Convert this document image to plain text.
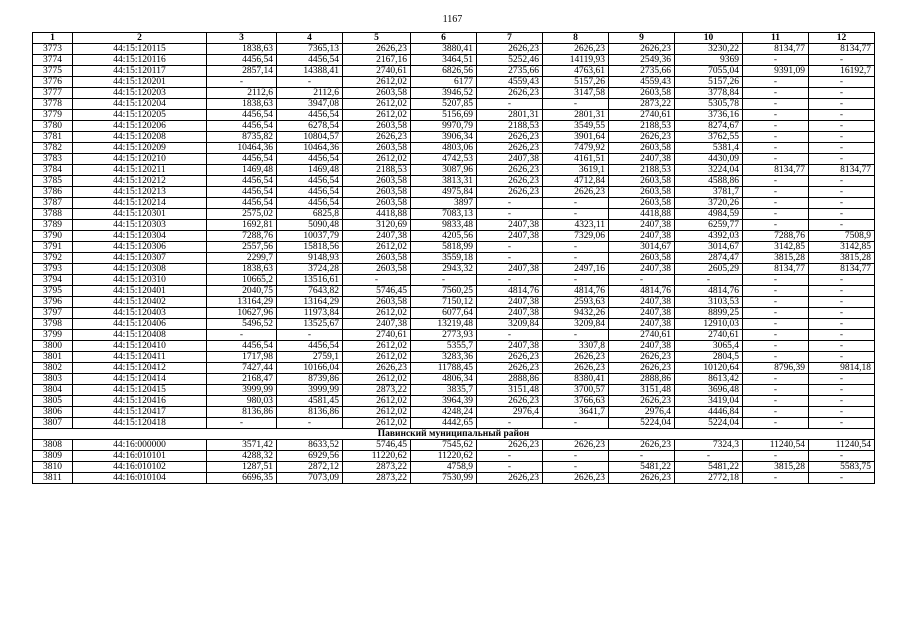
1167
1	2	3	4	5	6	7	8	9	10	11	12
3773	44:15:120115	1838,63	7365,13	2626,23	3880,41	2626,23	2626,23	2626,23	3230,22	8134,77	8134,77
3774	44:15:120116	4456,54	4456,54	2167,16	3464,51	5252,46	14119,93	2549,36	9369	-	-
3775	44:15:120117	2857,14	14388,41	2740,61	6826,56	2735,66	4763,61	2735,66	7055,04	9391,09	16192,7
3776	44:15:120201	-	-	2612,02	6177	4559,43	5157,26	4559,43	5157,26	-	-
3777	44:15:120203	2112,6	2112,6	2603,58	3946,52	2626,23	3147,58	2603,58	3778,84	-	-
3778	44:15:120204	1838,63	3947,08	2612,02	5207,85	-	-	2873,22	5305,78	-	-
3779	44:15:120205	4456,54	4456,54	2612,02	5156,69	2801,31	2801,31	2740,61	3736,16	-	-
3780	44:15:120206	4456,54	6278,54	2603,58	9970,79	2188,53	3549,55	2188,53	8274,67	-	-
3781	44:15:120208	8735,82	10804,57	2626,23	3906,34	2626,23	3901,64	2626,23	3762,55	-	-
3782	44:15:120209	10464,36	10464,36	2603,58	4803,06	2626,23	7479,92	2603,58	5381,4	-	-
3783	44:15:120210	4456,54	4456,54	2612,02	4742,53	2407,38	4161,51	2407,38	4430,09	-	-
3784	44:15:120211	1469,48	1469,48	2188,53	3087,96	2626,23	3619,1	2188,53	3224,04	8134,77	8134,77
3785	44:15:120212	4456,54	4456,54	2603,58	3813,31	2626,23	4712,84	2603,58	4588,86	-	-
3786	44:15:120213	4456,54	4456,54	2603,58	4975,84	2626,23	2626,23	2603,58	3781,7	-	-
3787	44:15:120214	4456,54	4456,54	2603,58	3897	-	-	2603,58	3720,26	-	-
3788	44:15:120301	2575,02	6825,8	4418,88	7083,13	-	-	4418,88	4984,59	-	-
3789	44:15:120303	1692,81	5090,48	3120,69	9833,48	2407,38	4323,11	2407,38	6259,77	-	-
3790	44:15:120304	7288,76	10037,79	2407,38	4205,56	2407,38	7329,06	2407,38	4392,03	7288,76	7508,9
3791	44:15:120306	2557,56	15818,56	2612,02	5818,99	-	-	3014,67	3014,67	3142,85	3142,85
3792	44:15:120307	2299,7	9148,93	2603,58	3559,18	-	-	2603,58	2874,47	3815,28	3815,28
3793	44:15:120308	1838,63	3724,28	2603,58	2943,32	2407,38	2497,16	2407,38	2605,29	8134,77	8134,77
3794	44:15:120310	10665,2	13516,61	-	-	-	-	-	-	-	-
3795	44:15:120401	2040,75	7643,82	5746,45	7560,25	4814,76	4814,76	4814,76	4814,76	-	-
3796	44:15:120402	13164,29	13164,29	2603,58	7150,12	2407,38	2593,63	2407,38	3103,53	-	-
3797	44:15:120403	10627,96	11973,84	2612,02	6077,64	2407,38	9432,26	2407,38	8899,25	-	-
3798	44:15:120406	5496,52	13525,67	2407,38	13219,48	3209,84	3209,84	2407,38	12910,03	-	-
3799	44:15:120408	-	-	2740,61	2773,93	-	-	2740,61	2740,61	-	-
3800	44:15:120410	4456,54	4456,54	2612,02	5355,7	2407,38	3307,8	2407,38	3065,4	-	-
3801	44:15:120411	1717,98	2759,1	2612,02	3283,36	2626,23	2626,23	2626,23	2804,5	-	-
3802	44:15:120412	7427,44	10166,04	2626,23	11788,45	2626,23	2626,23	2626,23	10120,64	8796,39	9814,18
3803	44:15:120414	2168,47	8739,86	2612,02	4806,34	2888,86	8380,41	2888,86	8613,42	-	-
3804	44:15:120415	3999,99	3999,99	2873,22	3835,7	3151,48	3700,57	3151,48	3696,48	-	-
3805	44:15:120416	980,03	4581,45	2612,02	3964,39	2626,23	3766,63	2626,23	3419,04	-	-
3806	44:15:120417	8136,86	8136,86	2612,02	4248,24	2976,4	3641,7	2976,4	4446,84	-	-
3807	44:15:120418	-	-	2612,02	4442,65	-	-	5224,04	5224,04	-	-
Павинский муниципальный район											
3808	44:16:000000	3571,42	8633,52	5746,45	7545,62	2626,23	2626,23	2626,23	7324,3	11240,54	11240,54
3809	44:16:010101	4288,32	6929,56	11220,62	11220,62	-	-	-	-	-	-
3810	44:16:010102	1287,51	2872,12	2873,22	4758,9	-	-	5481,22	5481,22	3815,28	5583,75
3811	44:16:010104	6696,35	7073,09	2873,22	7530,99	2626,23	2626,23	2626,23	2772,18	-	-
